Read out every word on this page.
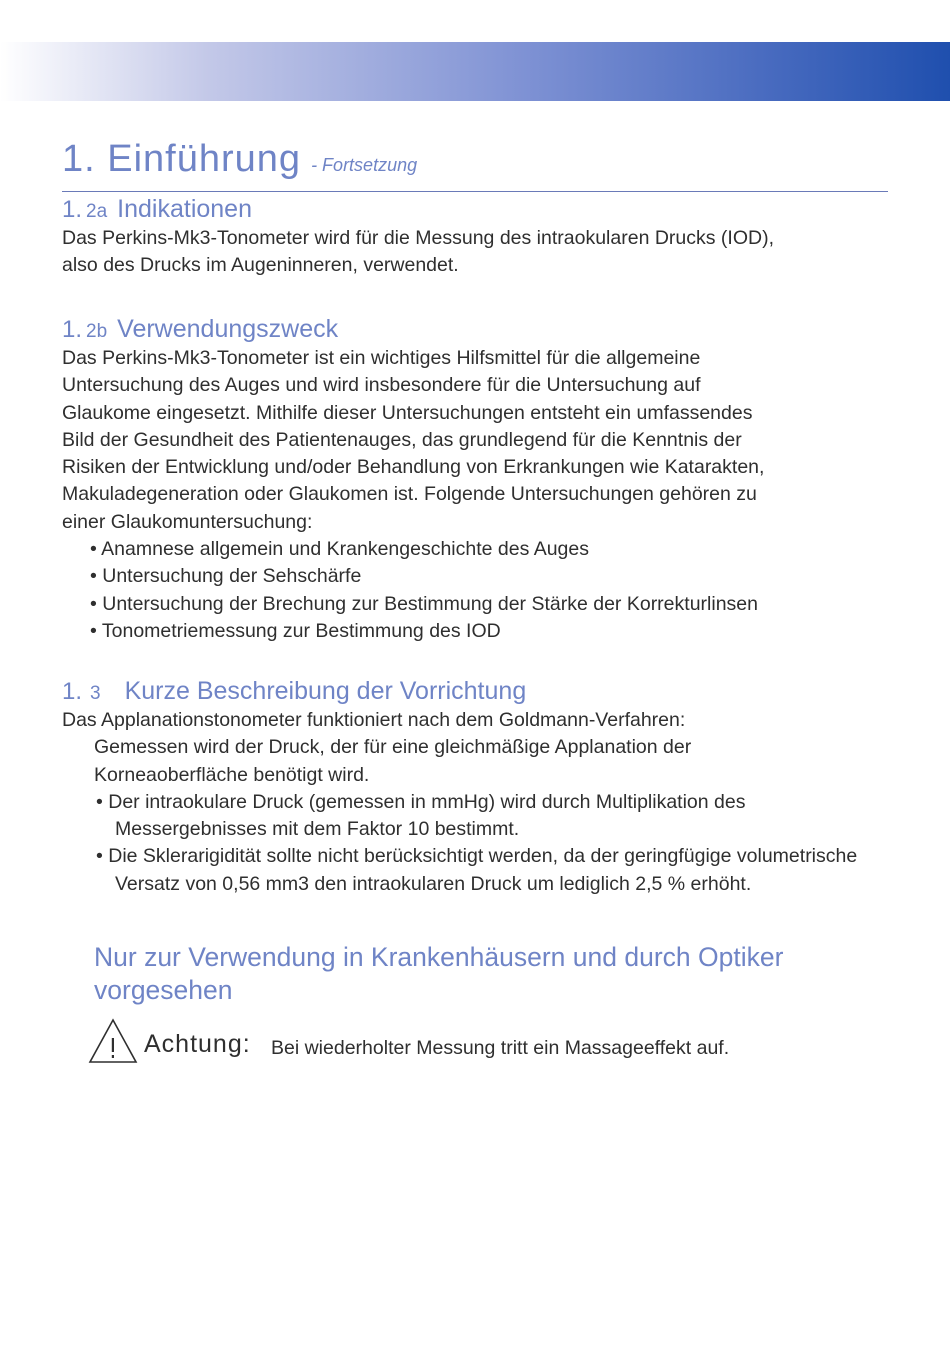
1. Einführung - Fortsetzung
1. 2a Indikationen
Das Perkins-Mk3-Tonometer wird für die Messung des intraokularen Drucks (IOD),
also des Drucks im Augeninneren, verwendet.
1. 2b Verwendungszweck
Das Perkins-Mk3-Tonometer ist ein wichtiges Hilfsmittel für die allgemeine
Untersuchung des Auges und wird insbesondere für die Untersuchung auf
Glaukome eingesetzt. Mithilfe dieser Untersuchungen entsteht ein umfassendes
Bild der Gesundheit des Patientenauges, das grundlegend für die Kenntnis der
Risiken der Entwicklung und/oder Behandlung von Erkrankungen wie Katarakten,
Makuladegeneration oder Glaukomen ist. Folgende Untersuchungen gehören zu
einer Glaukomuntersuchung:
• Anamnese allgemein und Krankengeschichte des Auges
• Untersuchung der Sehschärfe
• Untersuchung der Brechung zur Bestimmung der Stärke der Korrekturlinsen
• Tonometriemessung zur Bestimmung des IOD
1. 3 Kurze Beschreibung der Vorrichtung
Das Applanationstonometer funktioniert nach dem Goldmann-Verfahren:
Gemessen wird der Druck, der für eine gleichmäßige Applanation der
Korneaoberfläche benötigt wird.
• Der intraokulare Druck (gemessen in mmHg) wird durch Multiplikation des Messergebnisses mit dem Faktor 10 bestimmt.
• Die Sklerarigidität sollte nicht berücksichtigt werden, da der geringfügige volumetrische Versatz von 0,56 mm3 den intraokularen Druck um lediglich 2,5 % erhöht.
Nur zur Verwendung in Krankenhäusern und durch Optiker vorgesehen
Achtung: Bei wiederholter Messung tritt ein Massageeffekt auf.
